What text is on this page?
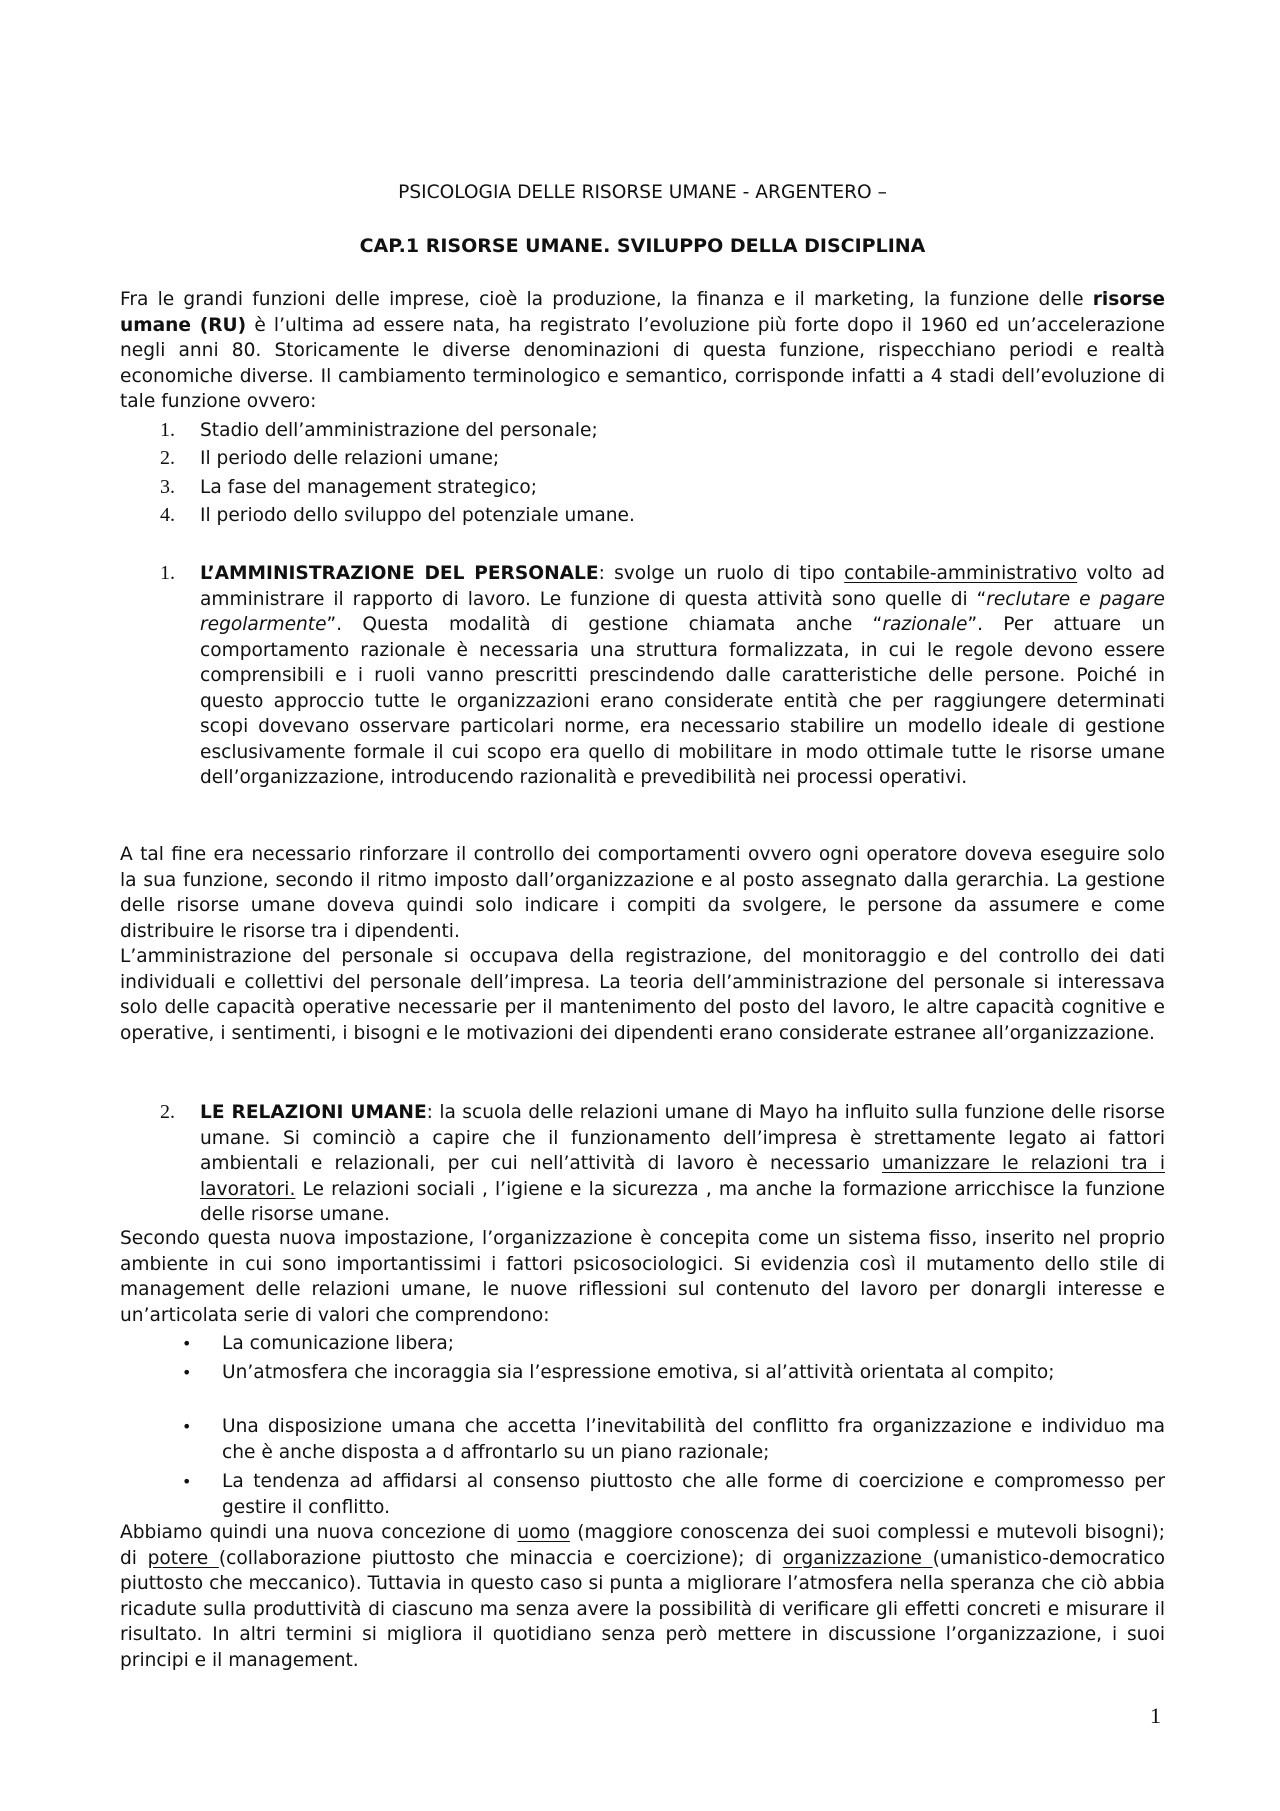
PSICOLOGIA DELLE RISORSE UMANE - ARGENTERO –
CAP.1 RISORSE UMANE. SVILUPPO DELLA DISCIPLINA

Fra le grandi funzioni delle imprese, cioè la produzione, la finanza e il marketing, la funzione delle risorse umane (RU) è l’ultima ad essere nata, ha registrato l’evoluzione più forte dopo il 1960 ed un’accelerazione negli anni 80. Storicamente le diverse denominazioni di questa funzione, rispecchiano periodi e realtà economiche diverse. Il cambiamento terminologico e semantico, corrisponde infatti a 4 stadi dell’evoluzione di tale funzione ovvero:

1. Stadio dell’amministrazione del personale;

2. Il periodo delle relazioni umane;

3. La fase del management strategico;

4. Il periodo dello sviluppo del potenziale umane.

1. L’AMMINISTRAZIONE DEL PERSONALE: svolge un ruolo di tipo contabile-amministrativo volto ad amministrare il rapporto di lavoro. Le funzione di questa attività sono quelle di “reclutare e pagare regolarmente”. Questa modalità di gestione chiamata anche “razionale”. Per attuare un comportamento razionale è necessaria una struttura formalizzata, in cui le regole devono essere comprensibili e i ruoli vanno prescritti prescindendo dalle caratteristiche delle persone. Poiché in questo approccio tutte le organizzazioni erano considerate entità che per raggiungere determinati scopi dovevano osservare particolari norme, era necessario stabilire un modello ideale di gestione esclusivamente formale il cui scopo era quello di mobilitare in modo ottimale tutte le risorse umane dell’organizzazione, introducendo razionalità e prevedibilità nei processi operativi.

A tal fine era necessario rinforzare il controllo dei comportamenti ovvero ogni operatore doveva eseguire solo la sua funzione, secondo il ritmo imposto dall’organizzazione e al posto assegnato dalla gerarchia. La gestione delle risorse umane doveva quindi solo indicare i compiti da svolgere, le persone da assumere e come distribuire le risorse tra i dipendenti.

L’amministrazione del personale si occupava della registrazione, del monitoraggio e del controllo dei dati individuali e collettivi del personale dell’impresa. La teoria dell’amministrazione del personale si interessava solo delle capacità operative necessarie per il mantenimento del posto del lavoro, le altre capacità cognitive e operative, i sentimenti, i bisogni e le motivazioni dei dipendenti erano considerate estranee all’organizzazione.

2. LE RELAZIONI UMANE: la scuola delle relazioni umane di Mayo ha influito sulla funzione delle risorse umane. Si cominciò a capire che il funzionamento dell’impresa è strettamente legato ai fattori ambientali e relazionali, per cui nell’attività di lavoro è necessario umanizzare le relazioni tra i lavoratori. Le relazioni sociali , l’igiene e la sicurezza , ma anche la formazione arricchisce la funzione delle risorse umane.

Secondo questa nuova impostazione, l’organizzazione è concepita come un sistema fisso, inserito nel proprio ambiente in cui sono importantissimi i fattori psicosociologici. Si evidenzia così il mutamento dello stile di management delle relazioni umane, le nuove riflessioni sul contenuto del lavoro per donargli interesse e un’articolata serie di valori che comprendono:

• La comunicazione libera;

• Un’atmosfera che incoraggia sia l’espressione emotiva, si al’attività orientata al compito;

• Una disposizione umana che accetta l’inevitabilità del conflitto fra organizzazione e individuo ma che è anche disposta a d affrontarlo su un piano razionale;

• La tendenza ad affidarsi al consenso piuttosto che alle forme di coercizione e compromesso per gestire il conflitto.

Abbiamo quindi una nuova concezione di uomo (maggiore conoscenza dei suoi complessi e mutevoli bisogni); di potere (collaborazione piuttosto che minaccia e coercizione); di organizzazione (umanistico-democratico piuttosto che meccanico). Tuttavia in questo caso si punta a migliorare l’atmosfera nella speranza che ciò abbia ricadute sulla produttività di ciascuno ma senza avere la possibilità di verificare gli effetti concreti e misurare il risultato. In altri termini si migliora il quotidiano senza però mettere in discussione l’organizzazione, i suoi principi e il management.

1
